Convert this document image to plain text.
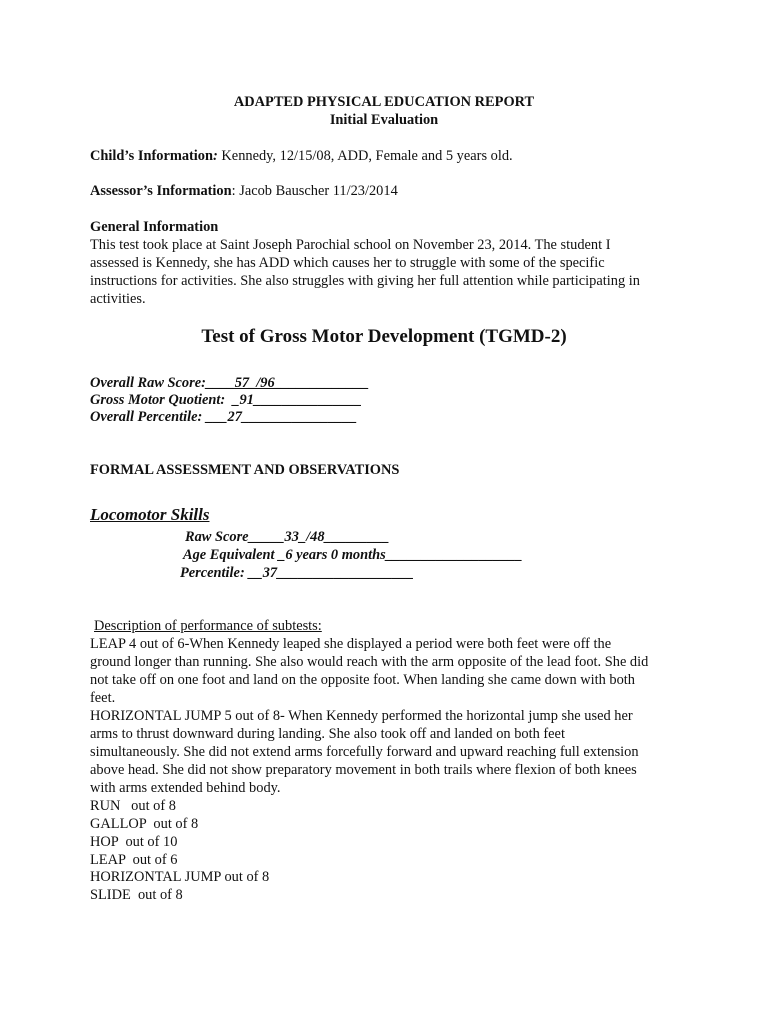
ADAPTED PHYSICAL EDUCATION REPORT
Initial Evaluation
Child’s Information: Kennedy, 12/15/08, ADD, Female and 5 years old.
Assessor’s Information: Jacob Bauscher 11/23/2014
General Information
This test took place at Saint Joseph Parochial school on November 23, 2014. The student I
assessed is Kennedy, she has ADD which causes her to struggle with some of the specific
instructions for activities. She also struggles with giving her full attention while participating in
activities.
Test of Gross Motor Development (TGMD-2)
Overall Raw Score:____57_/96_____________
Gross Motor Quotient: _91_______________
Overall Percentile: ___27________________
FORMAL ASSESSMENT AND OBSERVATIONS
Locomotor Skills
Raw Score_____33_/48_________
Age Equivalent _6 years 0 months___________________
Percentile: __37___________________
Description of performance of subtests:
LEAP 4 out of 6-When Kennedy leaped she displayed a period were both feet were off the
ground longer than running. She also would reach with the arm opposite of the lead foot. She did
not take off on one foot and land on the opposite foot. When landing she came down with both
feet.
HORIZONTAL JUMP 5 out of 8- When Kennedy performed the horizontal jump she used her
arms to thrust downward during landing. She also took off and landed on both feet
simultaneously. She did not extend arms forcefully forward and upward reaching full extension
above head. She did not show preparatory movement in both trails where flexion of both knees
with arms extended behind body.
RUN   out of 8
GALLOP  out of 8
HOP  out of 10
LEAP  out of 6
HORIZONTAL JUMP out of 8
SLIDE  out of 8
